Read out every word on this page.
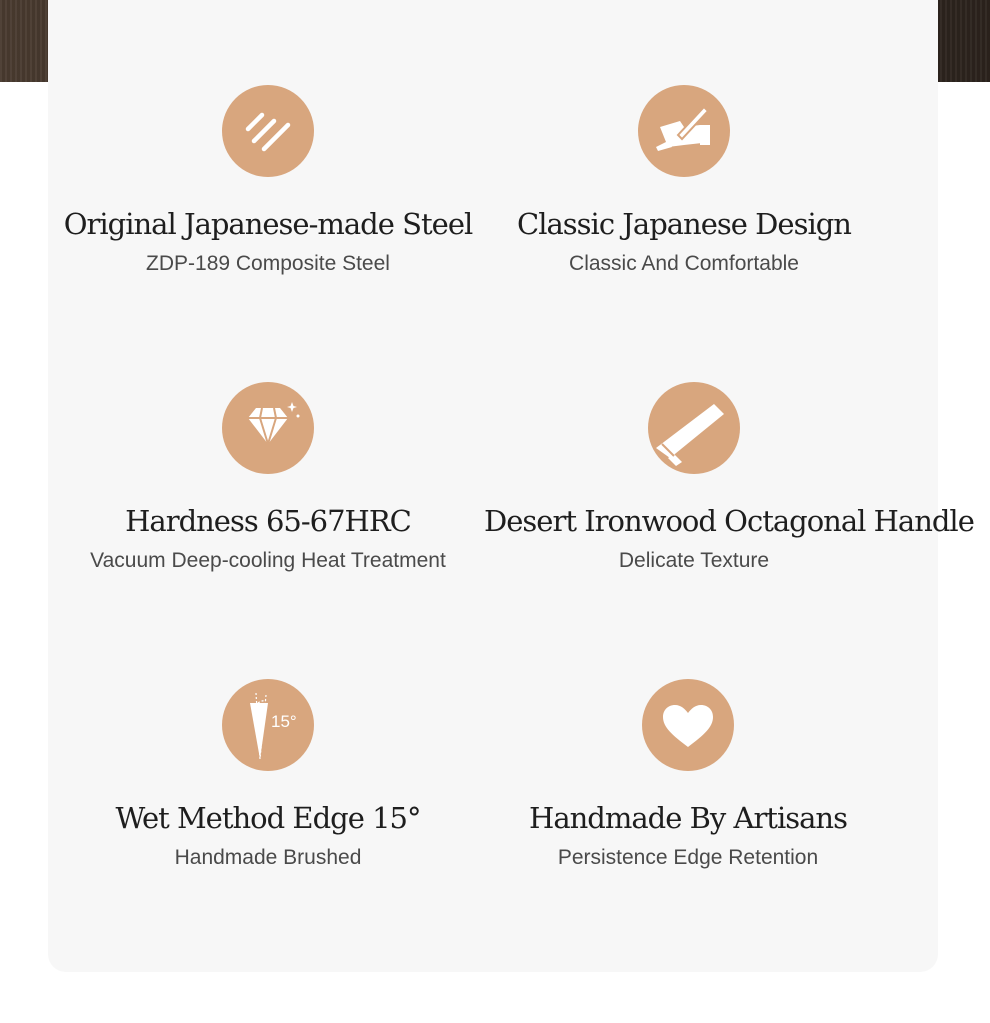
Original Japanese-made Steel
ZDP-189 Composite Steel
Classic Japanese Design
Classic And Comfortable
Hardness 65-67HRC
Vacuum Deep-cooling Heat Treatment
Desert Ironwood Octagonal Handle
Delicate Texture
15°
Wet Method Edge 15°
Handmade Brushed
Handmade By Artisans
Persistence Edge Retention
